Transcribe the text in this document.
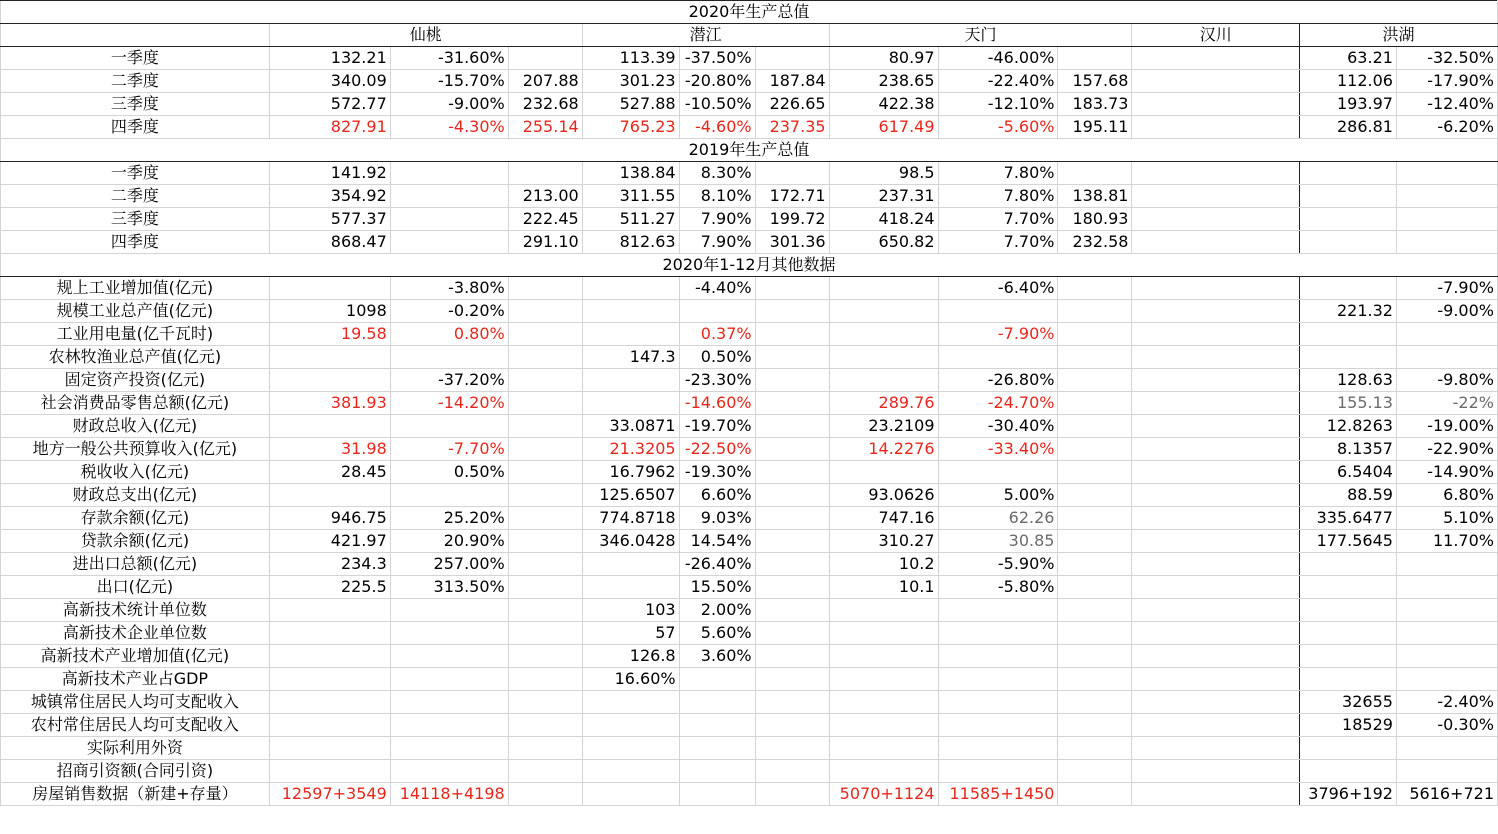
2020年生产总值												
	仙桃			潜江			天门			汉川	洪湖	
一季度	132.21	-31.60%		113.39	-37.50%		80.97	-46.00%			63.21	-32.50%
二季度	340.09	-15.70%	207.88	301.23	-20.80%	187.84	238.65	-22.40%	157.68		112.06	-17.90%
三季度	572.77	-9.00%	232.68	527.88	-10.50%	226.65	422.38	-12.10%	183.73		193.97	-12.40%
四季度	827.91	-4.30%	255.14	765.23	-4.60%	237.35	617.49	-5.60%	195.11		286.81	-6.20%
2019年生产总值												
一季度	141.92			138.84	8.30%		98.5	7.80%				
二季度	354.92		213.00	311.55	8.10%	172.71	237.31	7.80%	138.81			
三季度	577.37		222.45	511.27	7.90%	199.72	418.24	7.70%	180.93			
四季度	868.47		291.10	812.63	7.90%	301.36	650.82	7.70%	232.58			
2020年1-12月其他数据												
规上工业增加值(亿元)		-3.80%			-4.40%			-6.40%				-7.90%
规模工业总产值(亿元)	1098	-0.20%									221.32	-9.00%
工业用电量(亿千瓦时)	19.58	0.80%			0.37%			-7.90%				
农林牧渔业总产值(亿元)				147.3	0.50%							
固定资产投资(亿元)		-37.20%			-23.30%			-26.80%			128.63	-9.80%
社会消费品零售总额(亿元)	381.93	-14.20%			-14.60%		289.76	-24.70%			155.13	-22%
财政总收入(亿元)				33.0871	-19.70%		23.2109	-30.40%			12.8263	-19.00%
地方一般公共预算收入(亿元)	31.98	-7.70%		21.3205	-22.50%		14.2276	-33.40%			8.1357	-22.90%
税收收入(亿元)	28.45	0.50%		16.7962	-19.30%						6.5404	-14.90%
财政总支出(亿元)				125.6507	6.60%		93.0626	5.00%			88.59	6.80%
存款余额(亿元)	946.75	25.20%		774.8718	9.03%		747.16	62.26			335.6477	5.10%
贷款余额(亿元)	421.97	20.90%		346.0428	14.54%		310.27	30.85			177.5645	11.70%
进出口总额(亿元)	234.3	257.00%			-26.40%		10.2	-5.90%				
出口(亿元)	225.5	313.50%			15.50%		10.1	-5.80%				
高新技术统计单位数				103	2.00%							
高新技术企业单位数				57	5.60%							
高新技术产业增加值(亿元)				126.8	3.60%							
高新技术产业占GDP				16.60%								
城镇常住居民人均可支配收入											32655	-2.40%
农村常住居民人均可支配收入											18529	-0.30%
实际利用外资												
招商引资额(合同引资)												
房屋销售数据（新建+存量）	12597+3549	14118+4198					5070+1124	11585+1450			3796+192	5616+721
